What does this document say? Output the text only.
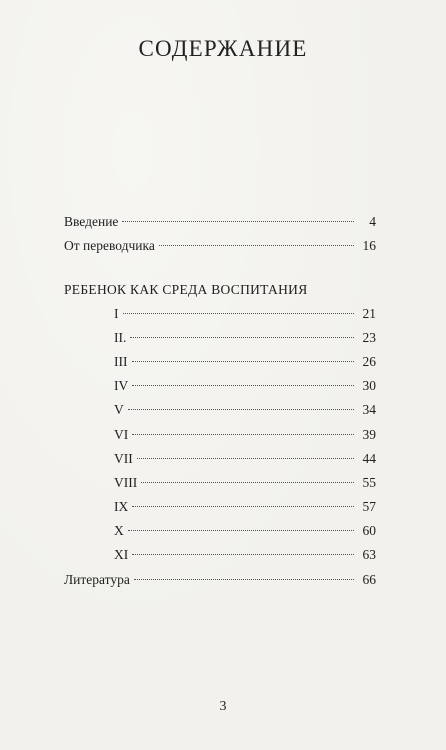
СОДЕРЖАНИЕ
Введение	4
От переводчика	16
РЕБЕНОК КАК СРЕДА ВОСПИТАНИЯ
I	21
II.	23
III	26
IV	30
V	34
VI	39
VII	44
VIII	55
IX	57
X	60
XI	63
Литература	66
3
